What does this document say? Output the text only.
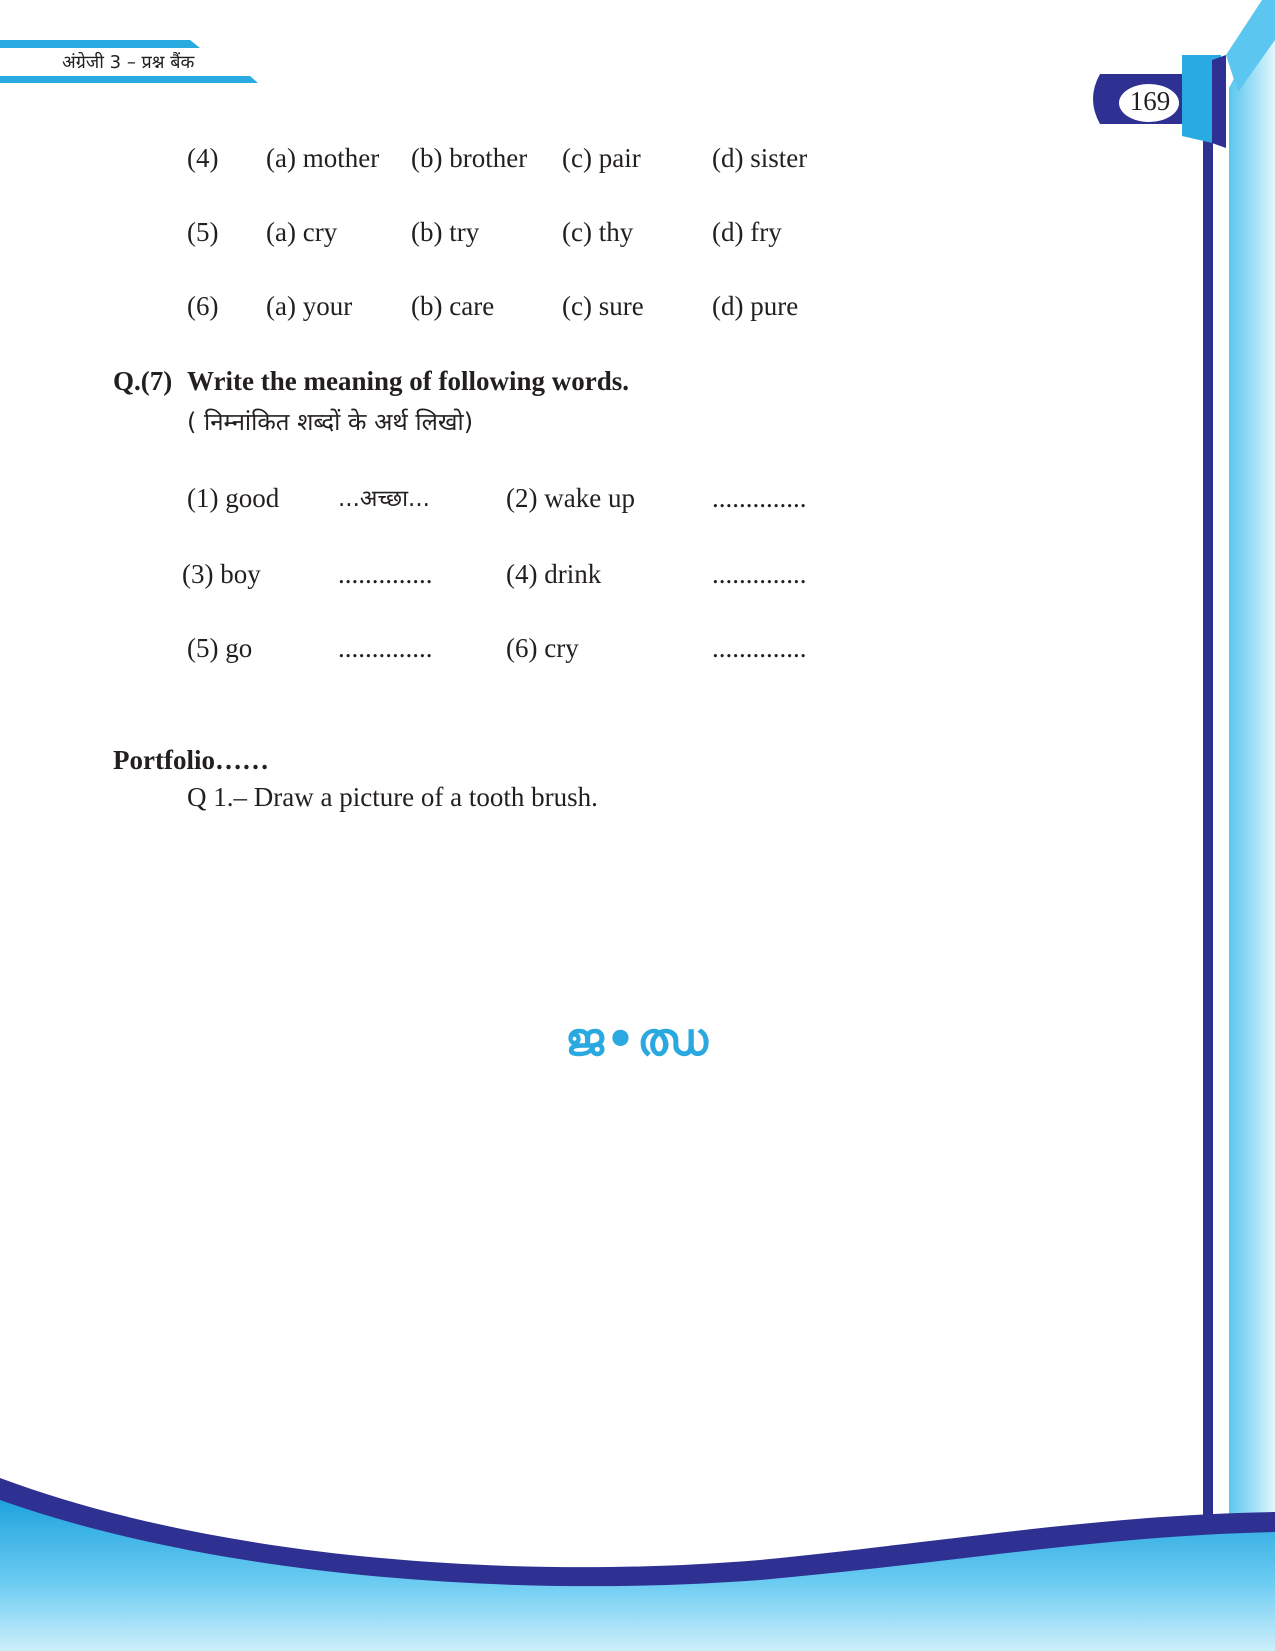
अंग्रेजी 3 – प्रश्न बैंक
169
(4) (a) mother (b) brother (c) pair	(d) sister
(5) (a) cry	(b) try	(c) thy	(d) fry
(6) (a) your (b) care	(c) sure	(d) pure
Q.(7) Write the meaning of following words.
( निम्नांकित शब्दों के अर्थ लिखो)
(1) good	...अच्छा...	(2) wake up	..............
(3) boy	..............	(4) drink	..............
(5) go	..............	(6) cry	..............
Portfolio……
Q 1.– Draw a picture of a tooth brush.
ജ•ഝ
